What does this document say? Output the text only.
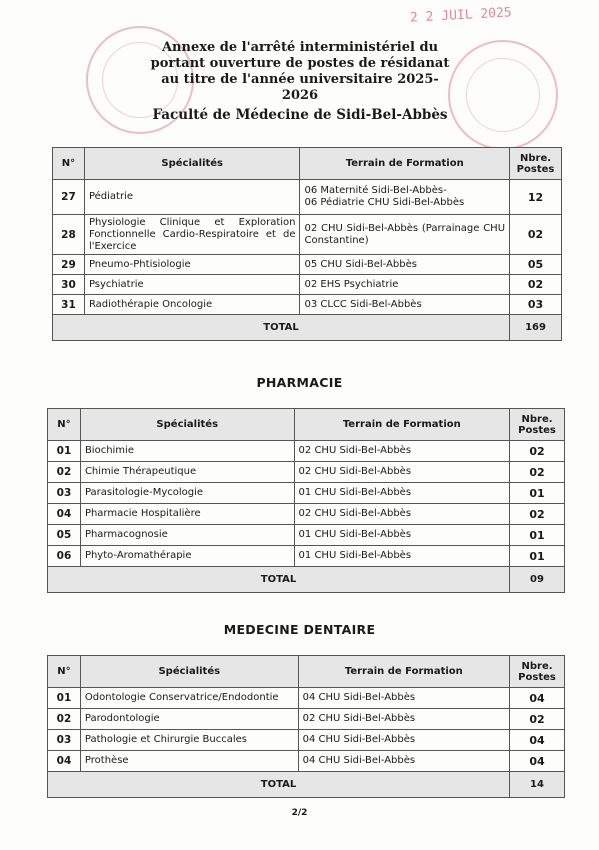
2 2 JUIL 2025
Annexe de l'arrêté interministériel du
portant ouverture de postes de résidanat
au titre de l'année universitaire 2025-2026
Faculté de Médecine de Sidi-Bel-Abbès
N°	Spécialités	Terrain de Formation	Nbre.
Postes
27	Pédiatrie	06 Maternité Sidi-Bel-Abbès-
06 Pédiatrie CHU Sidi-Bel-Abbès	12
28	Physiologie Clinique et Exploration Fonctionnelle Cardio-Respiratoire et de l'Exercice	02 CHU Sidi-Bel-Abbès (Parrainage CHU Constantine)	02
29	Pneumo-Phtisiologie	05 CHU Sidi-Bel-Abbès	05
30	Psychiatrie	02 EHS Psychiatrie	02
31	Radiothérapie Oncologie	03 CLCC Sidi-Bel-Abbès	03
TOTAL			169
PHARMACIE
N°	Spécialités	Terrain de Formation	Nbre.
Postes
01	Biochimie	02 CHU Sidi-Bel-Abbès	02
02	Chimie Thérapeutique	02 CHU Sidi-Bel-Abbès	02
03	Parasitologie-Mycologie	01 CHU Sidi-Bel-Abbès	01
04	Pharmacie Hospitalière	02 CHU Sidi-Bel-Abbès	02
05	Pharmacognosie	01 CHU Sidi-Bel-Abbès	01
06	Phyto-Aromathérapie	01 CHU Sidi-Bel-Abbès	01
TOTAL			09
MEDECINE DENTAIRE
N°	Spécialités	Terrain de Formation	Nbre.
Postes
01	Odontologie Conservatrice/Endodontie	04 CHU Sidi-Bel-Abbès	04
02	Parodontologie	02 CHU Sidi-Bel-Abbès	02
03	Pathologie et Chirurgie Buccales	04 CHU Sidi-Bel-Abbès	04
04	Prothèse	04 CHU Sidi-Bel-Abbès	04
TOTAL			14
2/2
